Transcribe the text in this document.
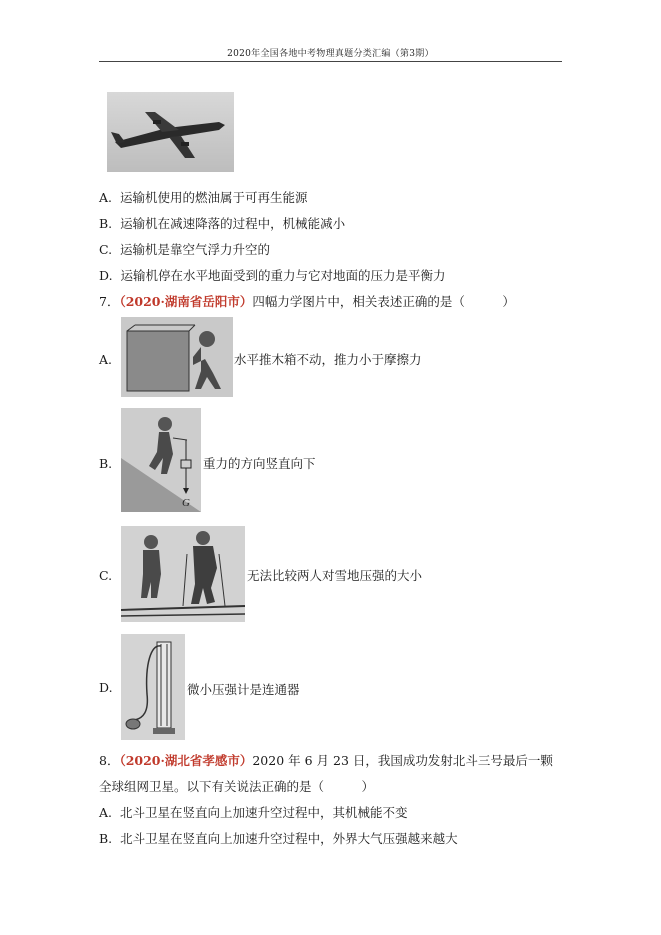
2020年全国各地中考物理真题分类汇编（第3期）
A. 运输机使用的燃油属于可再生能源
B. 运输机在减速降落的过程中，机械能减小
C. 运输机是靠空气浮力升空的
D. 运输机停在水平地面受到的重力与它对地面的压力是平衡力
7．（2020·湖南省岳阳市）四幅力学图片中，相关表述正确的是（　　　）
A.	水平推木箱不动，推力小于摩擦力
B.
G
重力的方向竖直向下
C.	无法比较两人对雪地压强的大小
D.	微小压强计是连通器
8．（2020·湖北省孝感市）2020 年 6 月 23 日，我国成功发射北斗三号最后一颗
全球组网卫星。以下有关说法正确的是（　　　）
A. 北斗卫星在竖直向上加速升空过程中，其机械能不变
B. 北斗卫星在竖直向上加速升空过程中，外界大气压强越来越大
